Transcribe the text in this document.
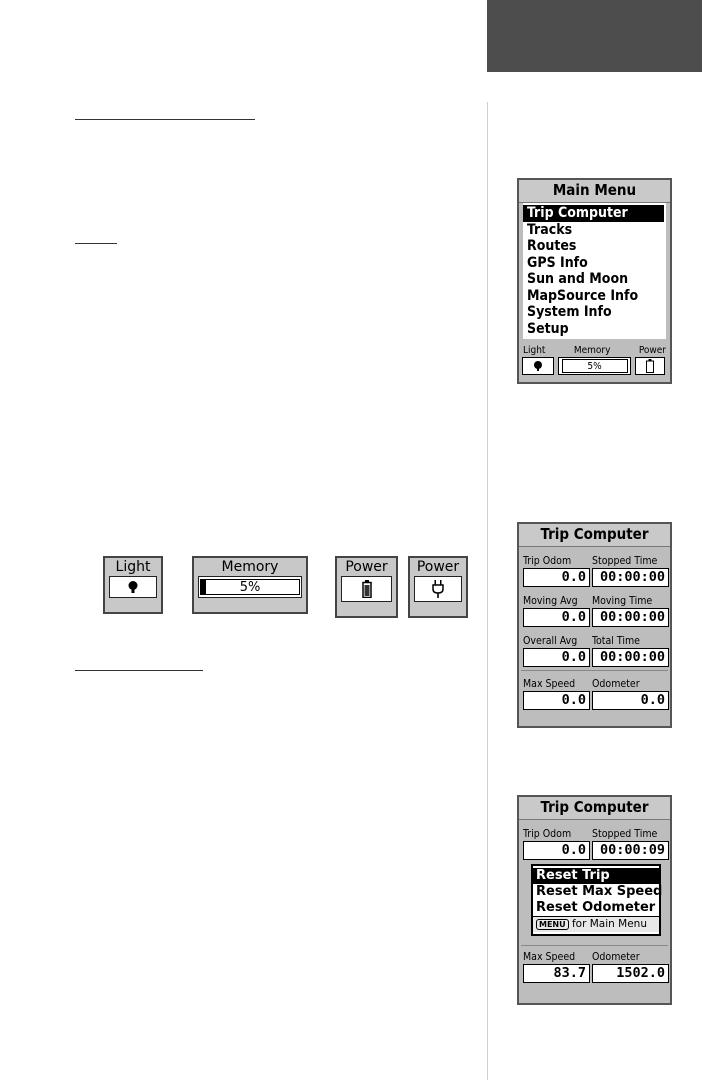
Main Menu
Trip Computer
Tracks
Routes
GPS Info
Sun and Moon
MapSource Info
System Info
Setup
Light	Memory	Power
5%
Trip Computer
Trip Odom	Stopped Time
0.0	00:00:00
Moving Avg	Moving Time
0.0	00:00:00
Overall Avg	Total Time
0.0	00:00:00
Max Speed	Odometer
0.0	0.0
Trip Computer
Trip Odom	Stopped Time
0.0	00:00:09
Max Speed	Odometer
83.7	1502.0
Reset Trip
Reset Max Speed
Reset Odometer
MENU for Main Menu
Light	Memory
5%
Power	Power
